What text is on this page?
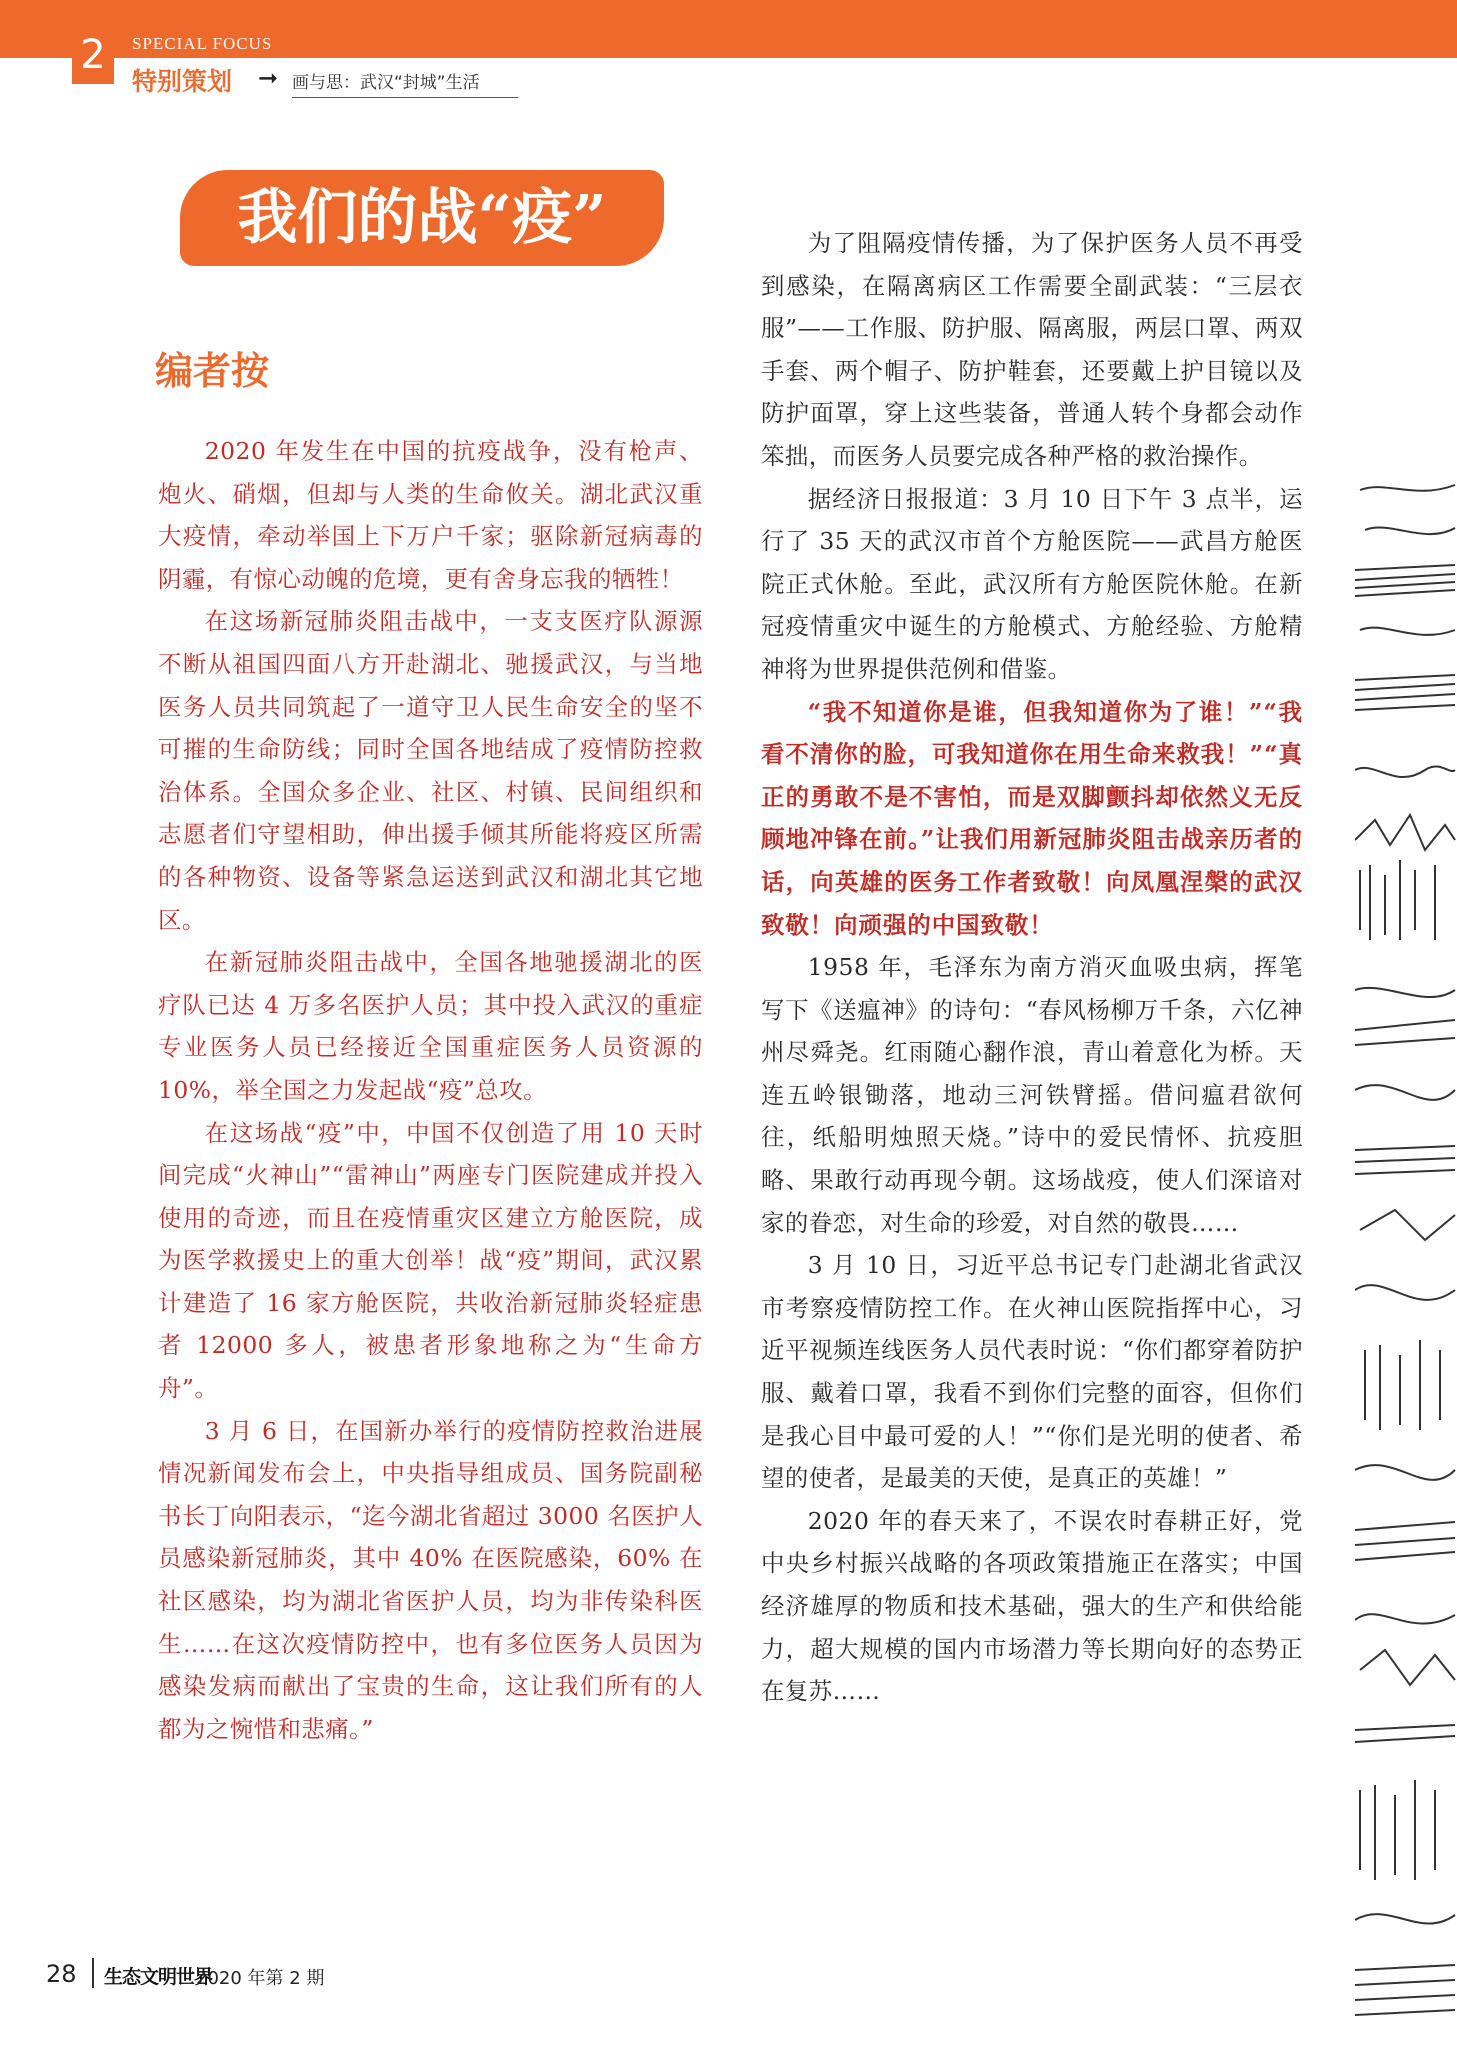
2	SPECIAL FOCUS
特别策划 ➞ 画与思：武汉“封城”生活
我们的战“疫”
编者按

2020 年发生在中国的抗疫战争，没有枪声、炮火、硝烟，但却与人类的生命攸关。湖北武汉重大疫情，牵动举国上下万户千家；驱除新冠病毒的阴霾，有惊心动魄的危境，更有舍身忘我的牺牲！

在这场新冠肺炎阻击战中，一支支医疗队源源不断从祖国四面八方开赴湖北、驰援武汉，与当地医务人员共同筑起了一道守卫人民生命安全的坚不可摧的生命防线；同时全国各地结成了疫情防控救治体系。全国众多企业、社区、村镇、民间组织和志愿者们守望相助，伸出援手倾其所能将疫区所需的各种物资、设备等紧急运送到武汉和湖北其它地区。

在新冠肺炎阻击战中，全国各地驰援湖北的医疗队已达 4 万多名医护人员；其中投入武汉的重症专业医务人员已经接近全国重症医务人员资源的 10%，举全国之力发起战“疫”总攻。

在这场战“疫”中，中国不仅创造了用 10 天时间完成“火神山”“雷神山”两座专门医院建成并投入使用的奇迹，而且在疫情重灾区建立方舱医院，成为医学救援史上的重大创举！战“疫”期间，武汉累计建造了 16 家方舱医院，共收治新冠肺炎轻症患者 12000 多人，被患者形象地称之为“生命方舟”。

3 月 6 日，在国新办举行的疫情防控救治进展情况新闻发布会上，中央指导组成员、国务院副秘书长丁向阳表示，“迄今湖北省超过 3000 名医护人员感染新冠肺炎，其中 40% 在医院感染，60% 在社区感染，均为湖北省医护人员，均为非传染科医生……在这次疫情防控中，也有多位医务人员因为感染发病而献出了宝贵的生命，这让我们所有的人都为之惋惜和悲痛。”

为了阻隔疫情传播，为了保护医务人员不再受到感染，在隔离病区工作需要全副武装：“三层衣服”——工作服、防护服、隔离服，两层口罩、两双手套、两个帽子、防护鞋套，还要戴上护目镜以及防护面罩，穿上这些装备，普通人转个身都会动作笨拙，而医务人员要完成各种严格的救治操作。

据经济日报报道：3 月 10 日下午 3 点半，运行了 35 天的武汉市首个方舱医院——武昌方舱医院正式休舱。至此，武汉所有方舱医院休舱。在新冠疫情重灾中诞生的方舱模式、方舱经验、方舱精神将为世界提供范例和借鉴。

“我不知道你是谁，但我知道你为了谁！”“我看不清你的脸，可我知道你在用生命来救我！”“真正的勇敢不是不害怕，而是双脚颤抖却依然义无反顾地冲锋在前。”让我们用新冠肺炎阻击战亲历者的话，向英雄的医务工作者致敬！向凤凰涅槃的武汉致敬！向顽强的中国致敬！

1958 年，毛泽东为南方消灭血吸虫病，挥笔写下《送瘟神》的诗句：“春风杨柳万千条，六亿神州尽舜尧。红雨随心翻作浪，青山着意化为桥。天连五岭银锄落，地动三河铁臂摇。借问瘟君欲何往，纸船明烛照天烧。”诗中的爱民情怀、抗疫胆略、果敢行动再现今朝。这场战疫，使人们深谙对家的眷恋，对生命的珍爱，对自然的敬畏……

3 月 10 日，习近平总书记专门赴湖北省武汉市考察疫情防控工作。在火神山医院指挥中心，习近平视频连线医务人员代表时说：“你们都穿着防护服、戴着口罩，我看不到你们完整的面容，但你们是我心目中最可爱的人！”“你们是光明的使者、希望的使者，是最美的天使，是真正的英雄！”

2020 年的春天来了，不误农时春耕正好，党中央乡村振兴战略的各项政策措施正在落实；中国经济雄厚的物质和技术基础，强大的生产和供给能力，超大规模的国内市场潜力等长期向好的态势正在复苏……

28 生态文明世界
2020 年第 2 期
